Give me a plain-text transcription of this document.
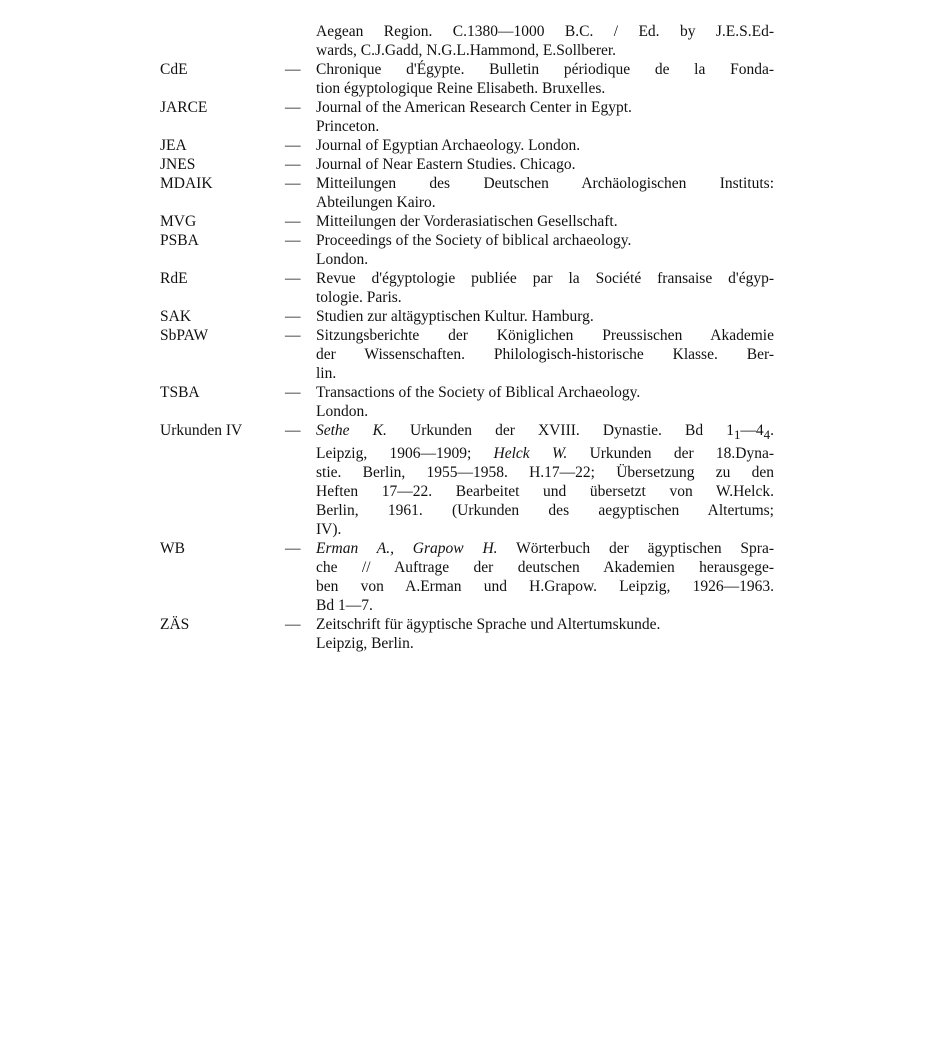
Aegean Region. C.1380—1000 B.C. / Ed. by J.E.S.Ed-
wards, C.J.Gadd, N.G.L.Hammond, E.Sollberer.
CdE	—	Chronique d'Égypte. Bulletin périodique de la Fonda-
tion égyptologique Reine Elisabeth. Bruxelles.
JARCE	—	Journal of the American Research Center in Egypt.
Princeton.
JEA	—	Journal of Egyptian Archaeology. London.
JNES	—	Journal of Near Eastern Studies. Chicago.
MDAIK	—	Mitteilungen des Deutschen Archäologischen Instituts:
Abteilungen Kairo.
MVG	—	Mitteilungen der Vorderasiatischen Gesellschaft.
PSBA	—	Proceedings of the Society of biblical archaeology.
London.
RdE	—	Revue d'égyptologie publiée par la Société fransaise d'égyp-
tologie. Paris.
SAK	—	Studien zur altägyptischen Kultur. Hamburg.
SbPAW	—	Sitzungsberichte der Königlichen Preussischen Akademie
der Wissenschaften. Philologisch-historische Klasse. Ber-
lin.
TSBA	—	Transactions of the Society of Biblical Archaeology.
London.
Urkunden IV	—	Sethe K. Urkunden der XVIII. Dynastie. Bd $1_1—4_4$.
Leipzig, 1906—1909; Helck W. Urkunden der 18.Dyna-
stie. Berlin, 1955—1958. H.17—22; Übersetzung zu den
Heften 17—22. Bearbeitet und übersetzt von W.Helck.
Berlin, 1961. (Urkunden des aegyptischen Altertums;
IV).
WB	—	Erman A., Grapow H. Wörterbuch der ägyptischen Spra-
che // Auftrage der deutschen Akademien herausgege-
ben von A.Erman und H.Grapow. Leipzig, 1926—1963.
Bd 1—7.
ZÄS	—	Zeitschrift für ägyptische Sprache und Altertumskunde.
Leipzig, Berlin.
